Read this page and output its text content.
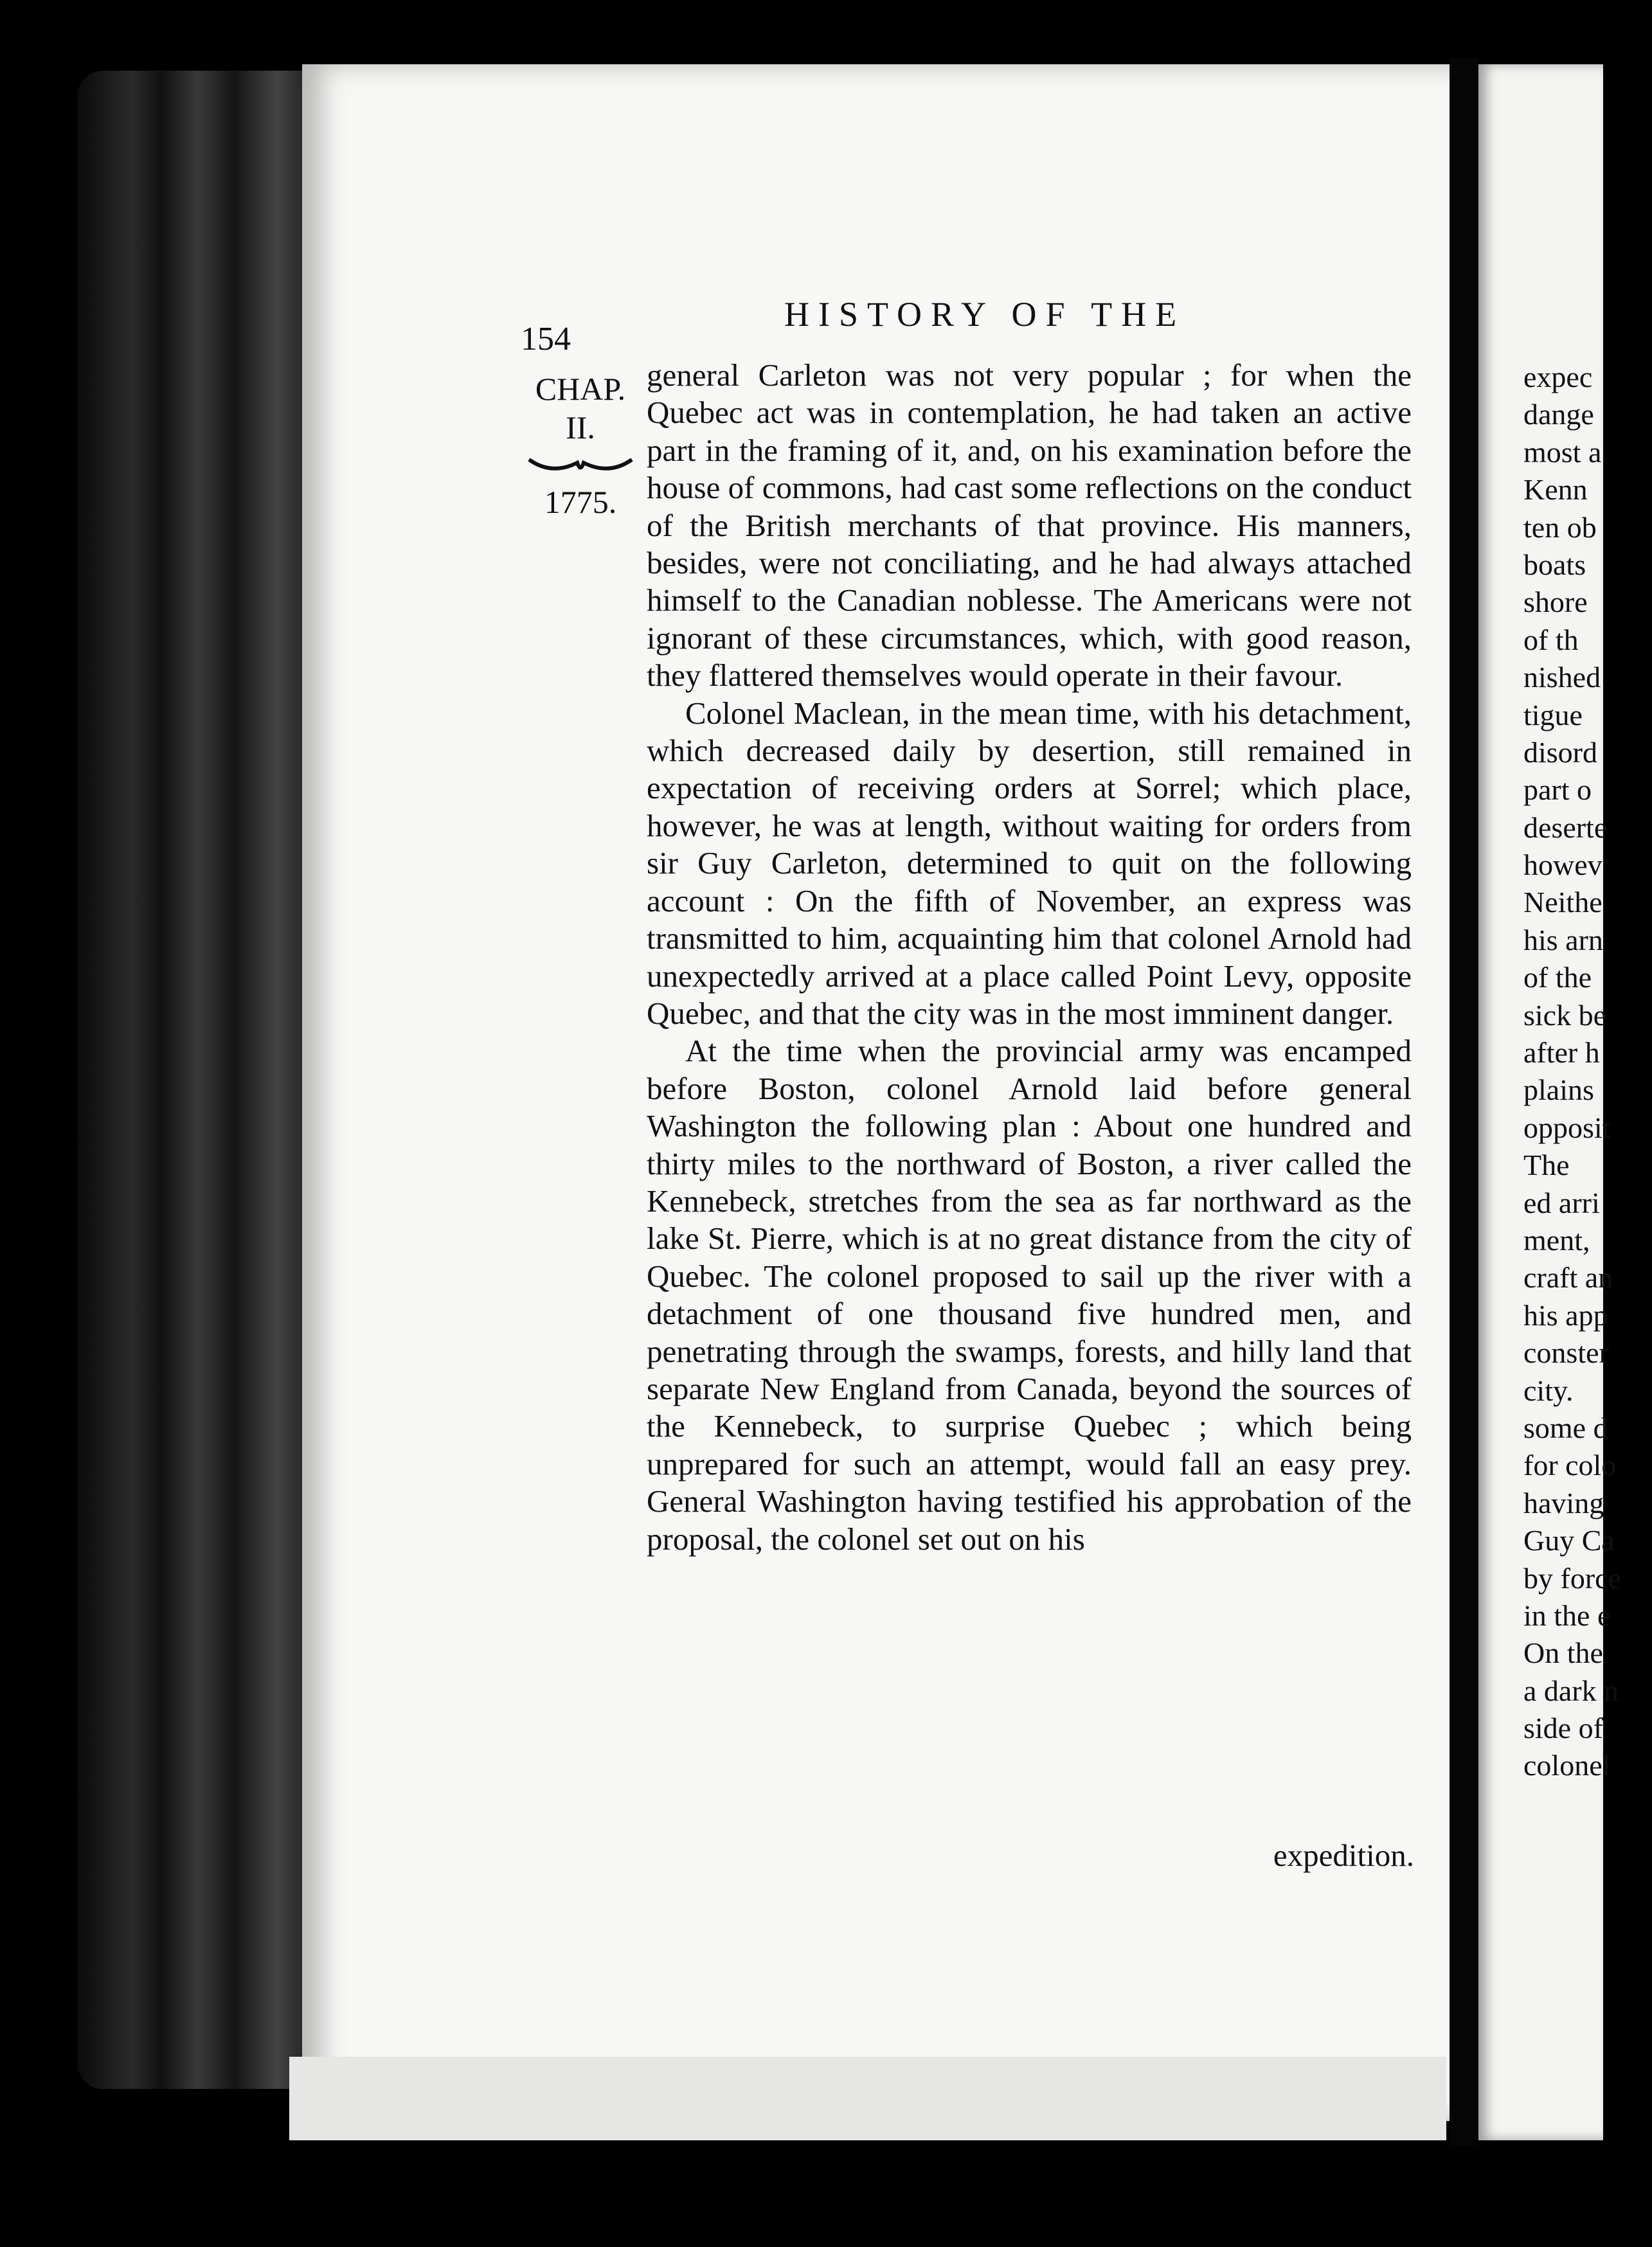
expec
dange
most a
Kenn
ten ob
boats
shore
of th
nished
tigue
disord
part o
deserte
howev
Neithe
his arn
of the
sick be
after h
plains
opposit
The
ed arri
ment,
craft an
his app
conster
city.
some d
for colo
having
Guy Ca
by force
in the e
On the
a dark n
side of
colonel
154
HISTORY OF THE
CHAP.
II.
1775.

general Carleton was not very popular ; for when the Quebec act was in contemplation, he had taken an active part in the framing of it, and, on his examination before the house of commons, had cast some reflections on the conduct of the British merchants of that province. His manners, besides, were not conciliating, and he had always attached himself to the Canadian noblesse. The Americans were not ignorant of these circumstances, which, with good reason, they flattered themselves would operate in their favour.

Colonel Maclean, in the mean time, with his detachment, which decreased daily by desertion, still remained in expectation of receiving orders at Sorrel; which place, however, he was at length, without waiting for orders from sir Guy Carleton, determined to quit on the following account : On the fifth of November, an express was transmitted to him, acquainting him that colonel Arnold had unexpectedly arrived at a place called Point Levy, opposite Quebec, and that the city was in the most imminent danger.

At the time when the provincial army was encamped before Boston, colonel Arnold laid before general Washington the following plan : About one hundred and thirty miles to the northward of Boston, a river called the Kennebeck, stretches from the sea as far northward as the lake St. Pierre, which is at no great distance from the city of Quebec. The colonel proposed to sail up the river with a detachment of one thousand five hundred men, and penetrating through the swamps, forests, and hilly land that separate New England from Canada, beyond the sources of the Kennebeck, to surprise Quebec ; which being unprepared for such an attempt, would fall an easy prey. General Washington having testified his approbation of the proposal, the colonel set out on his

expedition.
